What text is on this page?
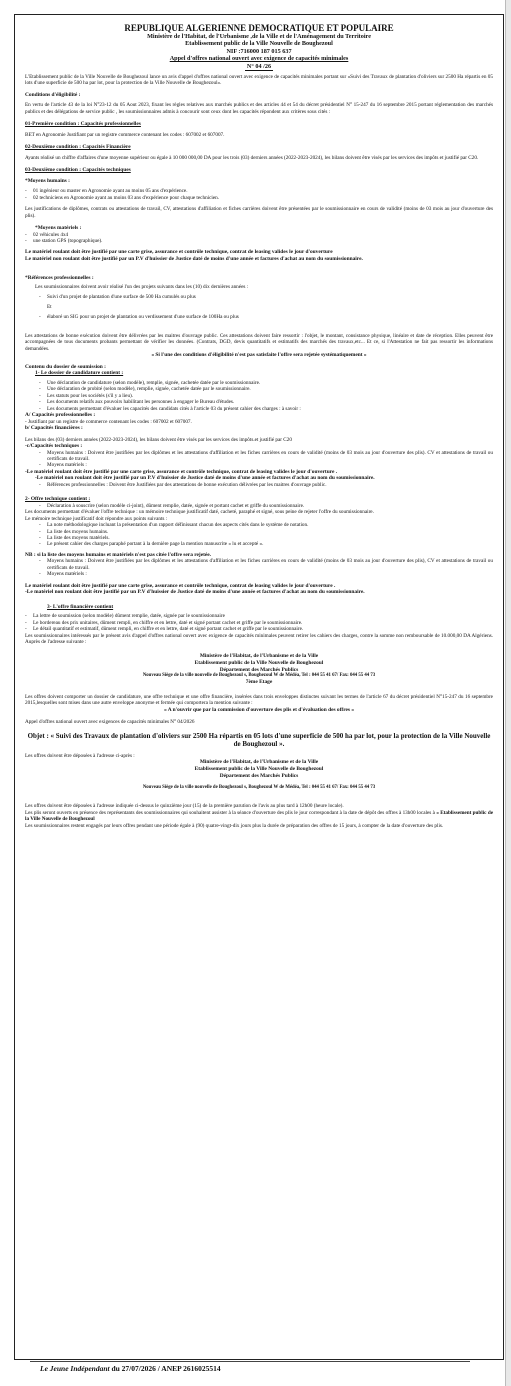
REPUBLIQUE ALGERIENNE DEMOCRATIQUE ET POPULAIRE
Ministère de l'Habitat, de l'Urbanisme ,de la Ville et de l'Aménagement du Territoire
Etablissement public de la Ville Nouvelle de Boughezoul
NIF :716000 187 015 637
Appel d'offres national ouvert avec exigence de capacités minimales
N° 04 /26

L'Etablissement public de la Ville Nouvelle de Boughezoul lance un avis d'appel d'offres national ouvert avec exigence de capacités minimales portant sur «Suivi des Travaux de plantation d'oliviers sur 2500 Ha répartis en 05 lots d'une superficie de 500 ha par lot, pour la protection de la Ville Nouvelle de Boughezoul».

Conditions d'éligibilité :

En vertu de l'article 43 de la loi N°23-12 du 05 Aout 2023, fixant les règles relatives aux marchés publics et des articles 44 et 54 du décret présidentiel N° 15-247 du 16 septembre 2015 portant réglementation des marchés publics et des délégations de service public , les soumissionnaires admis à concourir sont ceux dont les capacités répondent aux critères sous cités :

01-Première condition : Capacités professionnelles

BET en Agronomie Justifiant par un registre commerce contenant les codes : 607002 et 607007.

02-Deuxième condition : Capacités Financière

Ayants réalisé un chiffre d'affaires d'une moyenne supérieur ou égale à 10 000 000,00 DA pour les trois (03) derniers années (2022-2023-2024), les bilans doivent être visés par les services des impôts et justifié par C20.

03-Deuxième condition : Capacités techniques

*Moyens humains :

- 01 ingénieur ou master en Agronomie ayant au moins 05 ans d'expérience.
- 02 techniciens en Agronomie ayant au moins 03 ans d'expérience pour chaque technicien.

Les justifications de diplômes, contrats ou attestations de travail, CV, attestations d'affiliation et fiches carrières doivent être présentées par le soumissionnaire en cours de validité (moins de 03 mois au jour d'ouverture des plis).

*Moyens matériels :

- 02 véhicules 4x4
- une station GPS (topographique).

Le matériel roulant doit être justifié par une carte grise, assurance et contrôle technique, contrat de leasing valides le jour d'ouverture

Le matériel non roulant doit être justifié par un P.V d'huissier de Justice daté de moins d'une année et factures d'achat au nom du soumissionnaire.

*Références professionnelles :

Les soumissionnaires doivent avoir réalisé l'un des projets suivants dans les (10) dix dernières années :

- Suivi d'un projet de plantation d'une surface de 500 Ha cumulés ou plus

Et

- élaboré un SIG pour un projet de plantation ou verdissement d'une surface de 100Ha ou plus

Les attestations de bonne exécution doivent être délivrées par les maitres d'ouvrage public. Ces attestations doivent faire ressortir : l'objet, le montant, consistance physique, linéaire et date de réception. Elles peuvent être accompagnées de tous documents probants permettant de vérifier les données. (Contrats, DGD, devis quantitatifs et estimatifs des marchés des travaux,etc... Et ce, si l'Attestation ne fait pas ressortir les informations demandées.

« Si l'une des conditions d'éligibilité n'est pas satisfaite l'offre sera rejetée systématiquement »

Contenu du dossier de soumission :

1- Le dossier de candidature contient :

- Une déclaration de candidature (selon modèle), remplie, signée, cachetée datée par le soumissionnaire.
- Une déclaration de probité (selon modèle), remplie, signée, cachetée datée par le soumissionnaire.
- Les statuts pour les sociétés (s'il y a lieu).
- Les documents relatifs aux pouvoirs habilitant les personnes à engager le Bureau d'études.
- Les documents permettant d'évaluer les capacités des candidats cités à l'article 03 du présent cahier des charges : à savoir :

A/ Capacités professionnelles :

- Justifiant par un registre de commerce contenant les codes : 607002 et 607007.

b/ Capacités financières :

Les bilans des (03) derniers années (2022-2023-2024), les bilans doivent être visés par les services des impôts.et justifié par C20

-c/Capacités techniques :

- Moyens humains : Doivent être justifiées par les diplômes et les attestations d'affiliation et les fiches carrières en cours de validité (moins de 03 mois au jour d'ouverture des plis). CV et attestations de travail ou certificats de travail.
- Moyens matériels :

-Le matériel roulant doit être justifié par une carte grise, assurance et contrôle technique, contrat de leasing valides le jour d'ouverture .

-Le matériel non roulant doit être justifié par un P.V d'huissier de Justice daté de moins d'une année et factures d'achat au nom du soumissionnaire.

- Références professionnelles : Doivent être Justifiées par des attestations de bonne exécution délivrées par les maitres d'ouvrage public.

2- Offre technique contient :

- Déclaration à souscrire (selon modèle ci-joint), dûment remplie, datée, signée et portant cachet et griffe du soumissionnaire.

Les documents permettant d'évaluer l'offre technique : un mémoire technique justificatif daté, cacheté, paraphé et signé, sous peine de rejeter l'offre du soumissionnaire.

Le mémoire technique justificatif doit répondre aux points suivants :

- La note méthodologique incluant la présentation d'un rapport définissant chacun des aspects cités dans le système de notation.
- La liste des moyens humains.
- La liste des moyens matériels.
- Le présent cahier des charges paraphé portant à la dernière page la mention manuscrite « lu et accepté ».

NB : si la liste des moyens humains et matériels n'est pas citée l'offre sera rejetée.

- Moyens humains : Doivent être justifiées par les diplômes et les attestations d'affiliation et les fiches carrières en cours de validité (moins de 03 mois au jour d'ouverture des plis), CV et attestations de travail ou certificats de travail.
- Moyens matériels :

Le matériel roulant doit être justifié par une carte grise, assurance et contrôle technique, contrat de leasing valides le jour d'ouverture .

-Le matériel non roulant doit être justifié par un P.V d'huissier de Justice daté de moins d'une année et factures d'achat au nom du soumissionnaire.

3- L'offre financière contient

- La lettre de soumission (selon modèle) dûment remplie, datée, signée par le soumissionnaire
- Le bordereau des prix unitaires, dûment rempli, en chiffre et en lettre, daté et signé portant cachet et griffe par le soumissionnaire.
- Le détail quantitatif et estimatif, dûment rempli, en chiffre et en lettre, daté et signé portant cachet et griffe par le soumissionnaire.

Les soumissionnaires intéressés par le présent avis d'appel d'offres national ouvert avec exigence de capacités minimales peuvent retirer les cahiers des charges, contre la somme non remboursable de 10.000,00 DA Algériens. Auprès de l'adresse suivante :

Ministère de l'Habitat, de l'Urbanisme et de la Ville

Etablissement public de la Ville Nouvelle de Boughezoul

Département des Marchés Publics

Nouveau Siège de la ville nouvelle de Boughezoul s, Boughezoul W de Médéa, Tel : 044 55 41 67/ Fax: 044 55 44 73

7ème Etage

Les offres doivent comporter un dossier de candidature, une offre technique et une offre financière, insérées dans trois enveloppes distinctes suivant les termes de l'article 67 du décret présidentiel N°15-247 du 16 septembre 2015,lesquelles sont mises dans une autre enveloppe anonyme et fermée qui comportera la mention suivante :

« A n'ouvrir que par la commission d'ouverture des plis et d'évaluation des offres »

Appel d'offres national ouvert avec exigences de capacités minimales N° 04/2026

Objet : « Suivi des Travaux de plantation d'oliviers sur 2500 Ha répartis en 05 lots d'une superficie de 500 ha par lot, pour la protection de la Ville Nouvelle de Boughezoul ».

Les offres doivent être déposées à l'adresse ci-après :

Ministère de l'Habitat, de l'Urbanisme et de la Ville

Etablissement public de la Ville Nouvelle de Boughezoul

Département des Marchés Publics

Nouveau Siège de la ville nouvelle de Boughezoul s, Boughezoul W de Médéa, Tel : 044 55 41 67/ Fax: 044 55 44 73

Les offres doivent être déposées à l'adresse indiquée ci-dessus le quinzième jour (15) de la première parution de l'avis au plus tard à 12h00 (heure locale).

Les plis seront ouverts en présence des représentants des soumissionnaires qui souhaitent assister à la séance d'ouverture des plis le jour correspondant à la date de dépôt des offres à 13h00 locales à « Etablissement public de la Ville Nouvelle de Boughezoul

Les soumissionnaires restent engagés par leurs offres pendant une période égale à (90) quatre-vingt-dix jours plus la durée de préparation des offres de 15 jours, à compter de la date d'ouverture des plis.

Le Jeune Indépendant du 27/07/2026 / ANEP 2616025514
